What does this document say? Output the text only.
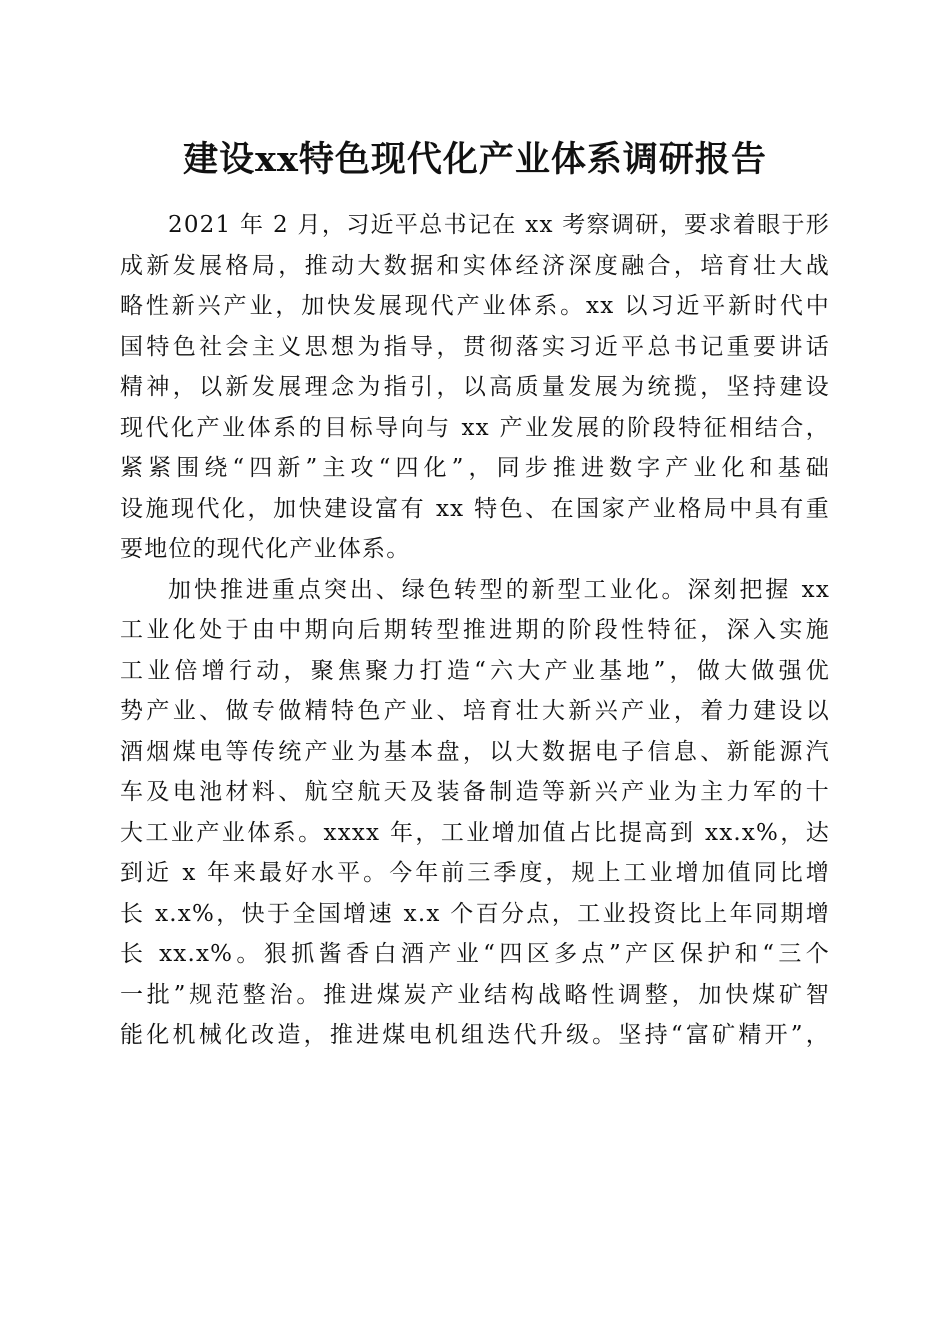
建设xx特色现代化产业体系调研报告

2021 年 2 月，习近平总书记在 xx 考察调研，要求着眼于形
成新发展格局，推动大数据和实体经济深度融合，培育壮大战
略性新兴产业，加快发展现代产业体系。xx 以习近平新时代中
国特色社会主义思想为指导，贯彻落实习近平总书记重要讲话
精神，以新发展理念为指引，以高质量发展为统揽，坚持建设
现代化产业体系的目标导向与 xx 产业发展的阶段特征相结合，
紧紧围绕“四新”主攻“四化”，同步推进数字产业化和基础
设施现代化，加快建设富有 xx 特色、在国家产业格局中具有重
要地位的现代化产业体系。

加快推进重点突出、绿色转型的新型工业化。深刻把握 xx
工业化处于由中期向后期转型推进期的阶段性特征，深入实施
工业倍增行动，聚焦聚力打造“六大产业基地”，做大做强优
势产业、做专做精特色产业、培育壮大新兴产业，着力建设以
酒烟煤电等传统产业为基本盘，以大数据电子信息、新能源汽
车及电池材料、航空航天及装备制造等新兴产业为主力军的十
大工业产业体系。xxxx 年，工业增加值占比提高到 xx.x%，达
到近 x 年来最好水平。今年前三季度，规上工业增加值同比增
长 x.x%，快于全国增速 x.x 个百分点，工业投资比上年同期增
长 xx.x%。狠抓酱香白酒产业“四区多点”产区保护和“三个
一批”规范整治。推进煤炭产业结构战略性调整，加快煤矿智
能化机械化改造，推进煤电机组迭代升级。坚持“富矿精开”，
